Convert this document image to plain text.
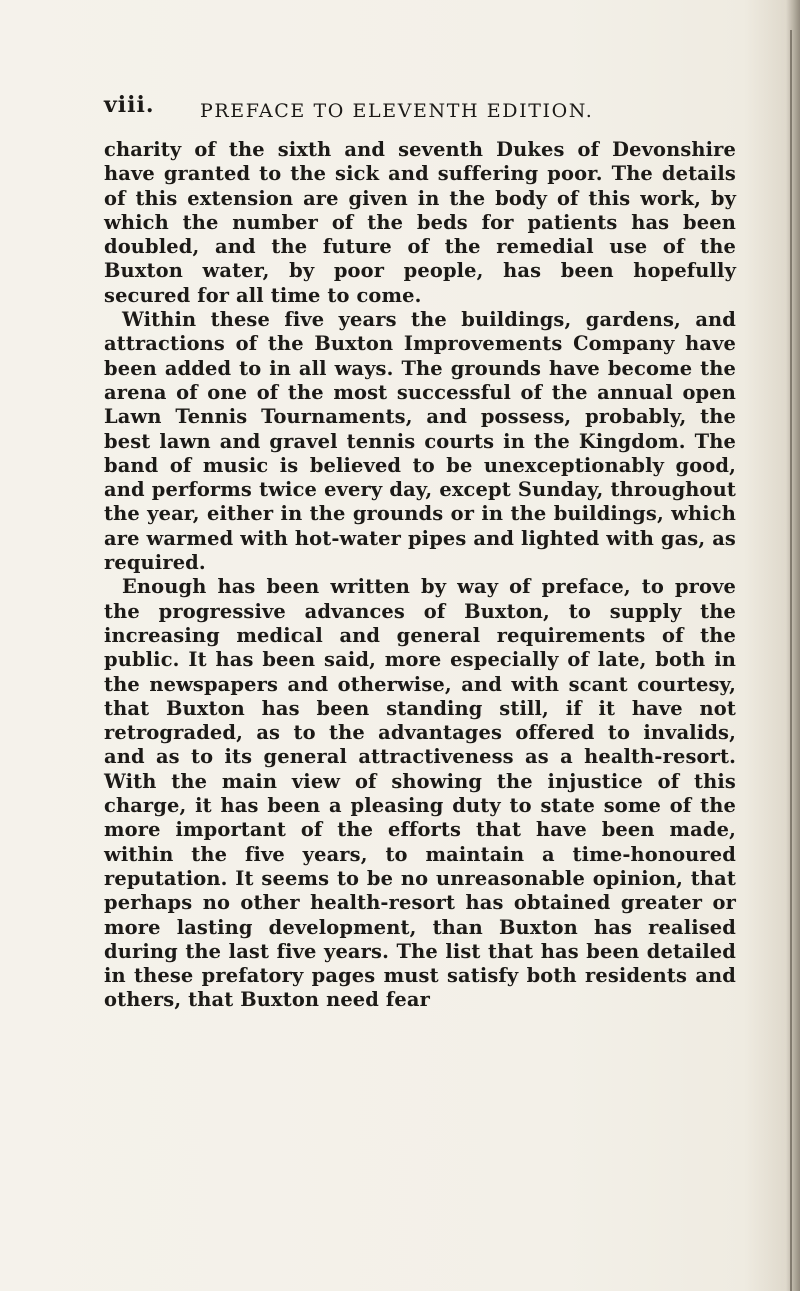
viii. PREFACE TO ELEVENTH EDITION.

charity of the sixth and seventh Dukes of Devonshire have granted to the sick and suffering poor. The details of this extension are given in the body of this work, by which the number of the beds for patients has been doubled, and the future of the remedial use of the Buxton water, by poor people, has been hopefully secured for all time to come.

Within these five years the buildings, gardens, and attractions of the Buxton Improvements Company have been added to in all ways. The grounds have become the arena of one of the most successful of the annual open Lawn Tennis Tournaments, and possess, probably, the best lawn and gravel tennis courts in the Kingdom. The band of music is believed to be unexceptionably good, and performs twice every day, except Sunday, throughout the year, either in the grounds or in the buildings, which are warmed with hot-water pipes and lighted with gas, as required.

Enough has been written by way of preface, to prove the progressive advances of Buxton, to supply the increasing medical and general requirements of the public. It has been said, more especially of late, both in the newspapers and otherwise, and with scant courtesy, that Buxton has been standing still, if it have not retrograded, as to the advantages offered to invalids, and as to its general attractiveness as a health-resort. With the main view of showing the injustice of this charge, it has been a pleasing duty to state some of the more important of the efforts that have been made, within the five years, to maintain a time-honoured reputation. It seems to be no unreasonable opinion, that perhaps no other health-resort has obtained greater or more lasting development, than Buxton has realised during the last five years. The list that has been detailed in these prefatory pages must satisfy both residents and others, that Buxton need fear
